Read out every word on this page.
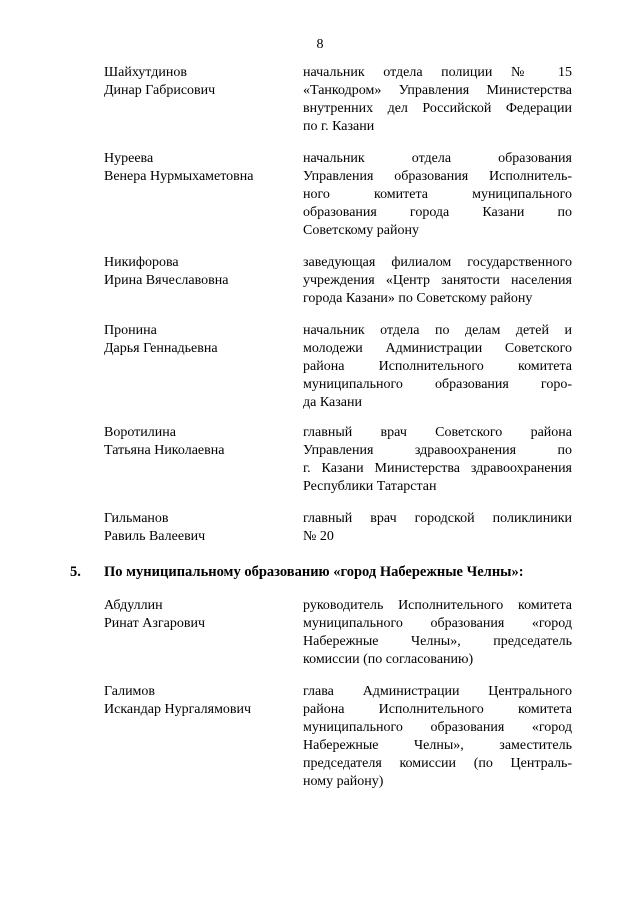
8
Шайхутдинов
Динар Габрисович
начальник отдела полиции № 15
«Танкодром» Управления Министерства
внутренних дел Российской Федерации
по г. Казани
Нуреева
Венера Нурмыхаметовна
начальник отдела образования
Управления образования Исполнитель-
ного комитета муниципального
образования города Казани по
Советскому району
Никифорова
Ирина Вячеславовна
заведующая филиалом государственного
учреждения «Центр занятости населения
города Казани» по Советскому району
Пронина
Дарья Геннадьевна
начальник отдела по делам детей и
молодежи Администрации Советского
района Исполнительного комитета
муниципального образования горо-
да Казани
Воротилина
Татьяна Николаевна
главный врач Советского района
Управления здравоохранения по
г. Казани Министерства здравоохранения
Республики Татарстан
Гильманов
Равиль Валеевич
главный врач городской поликлиники
№ 20
5. По муниципальному образованию «город Набережные Челны»:
Абдуллин
Ринат Азгарович
руководитель Исполнительного комитета
муниципального образования «город
Набережные Челны», председатель
комиссии (по согласованию)
Галимов
Искандар Нургалямович
глава Администрации Центрального
района Исполнительного комитета
муниципального образования «город
Набережные Челны», заместитель
председателя комиссии (по Централь-
ному району)
